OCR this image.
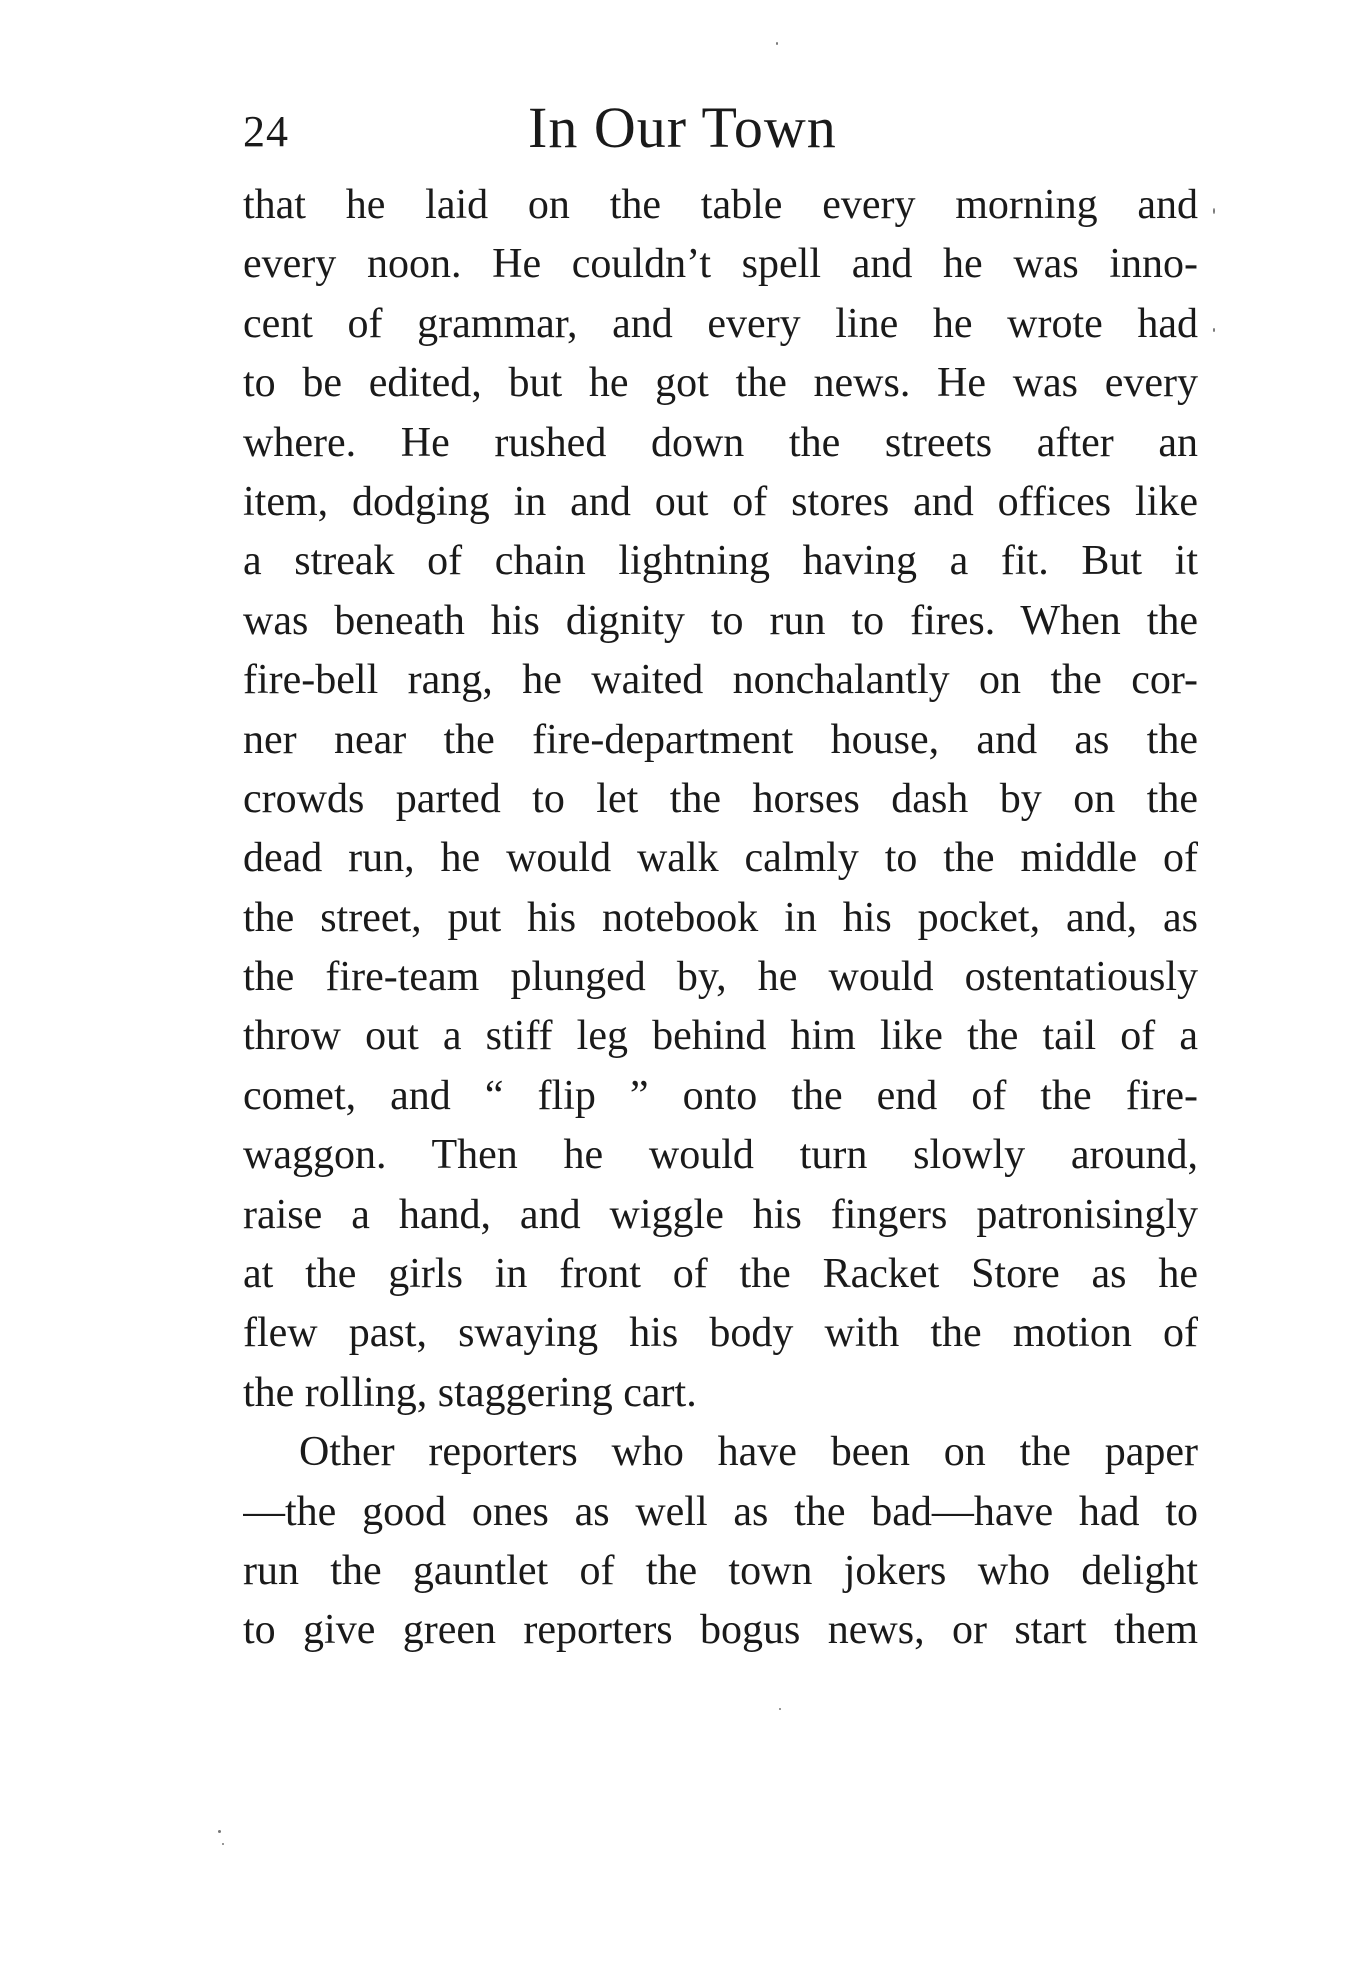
24	In Our Town
that he laid on the table every morning and
every noon. He couldn’t spell and he was inno-
cent of grammar, and every line he wrote had
to be edited, but he got the news. He was every
where. He rushed down the streets after an
item, dodging in and out of stores and offices like
a streak of chain lightning having a fit. But it
was beneath his dignity to run to fires. When the
fire-bell rang, he waited nonchalantly on the cor-
ner near the fire-department house, and as the
crowds parted to let the horses dash by on the
dead run, he would walk calmly to the middle of
the street, put his notebook in his pocket, and, as
the fire-team plunged by, he would ostentatiously
throw out a stiff leg behind him like the tail of a
comet, and “ flip ” onto the end of the fire-
waggon. Then he would turn slowly around,
raise a hand, and wiggle his fingers patronisingly
at the girls in front of the Racket Store as he
flew past, swaying his body with the motion of
the rolling, staggering cart.
Other reporters who have been on the paper
—the good ones as well as the bad—have had to
run the gauntlet of the town jokers who delight
to give green reporters bogus news, or start them
